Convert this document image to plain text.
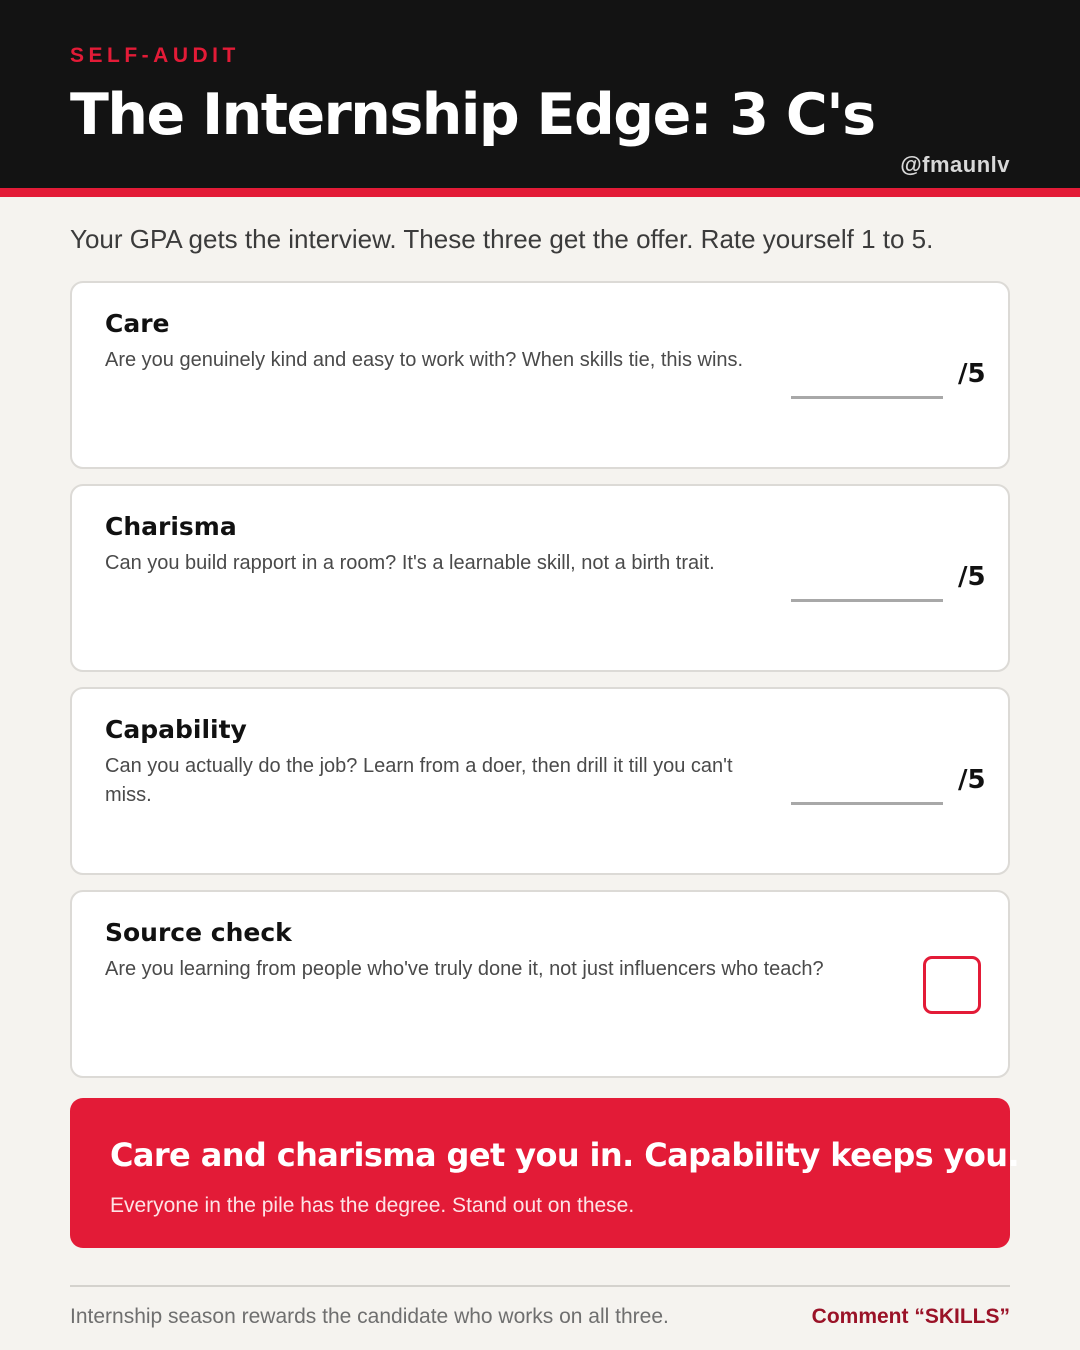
SELF-AUDIT
The Internship Edge: 3 C's
@fmaunlv
Your GPA gets the interview. These three get the offer. Rate yourself 1 to 5.
Care
Are you genuinely kind and easy to work with? When skills tie, this wins.	/5
Charisma
Can you build rapport in a room? It's a learnable skill, not a birth trait.	/5
Capability
Can you actually do the job? Learn from a doer, then drill it till you can't miss.	/5
Source check
Are you learning from people who've truly done it, not just influencers who teach?
Care and charisma get you in. Capability keeps you.
Everyone in the pile has the degree. Stand out on these.
Internship season rewards the candidate who works on all three.	Comment “SKILLS”
